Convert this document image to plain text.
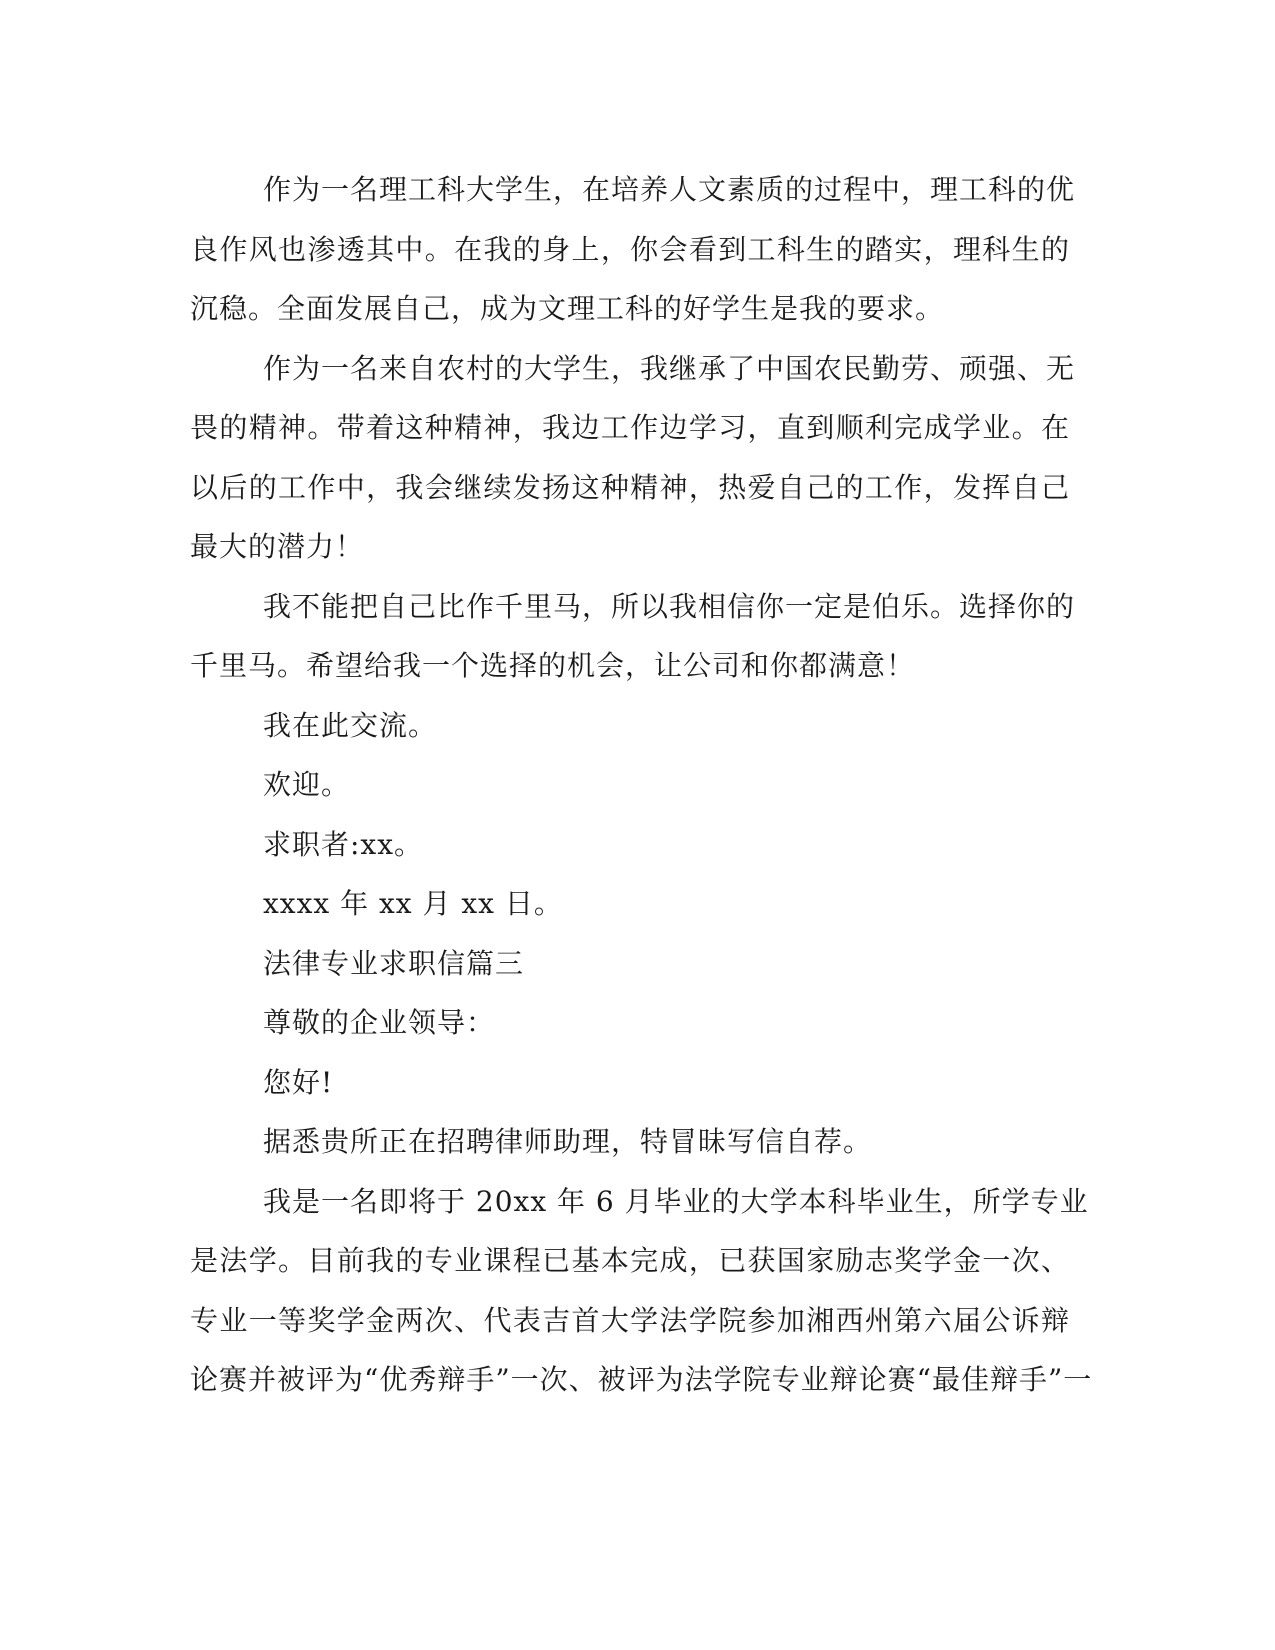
作为一名理工科大学生，在培养人文素质的过程中，理工科的优
良作风也渗透其中。在我的身上，你会看到工科生的踏实，理科生的
沉稳。全面发展自己，成为文理工科的好学生是我的要求。
作为一名来自农村的大学生，我继承了中国农民勤劳、顽强、无
畏的精神。带着这种精神，我边工作边学习，直到顺利完成学业。在
以后的工作中，我会继续发扬这种精神，热爱自己的工作，发挥自己
最大的潜力！
我不能把自己比作千里马，所以我相信你一定是伯乐。选择你的
千里马。希望给我一个选择的机会，让公司和你都满意！
我在此交流。
欢迎。
求职者:xx。
xxxx 年 xx 月 xx 日。
法律专业求职信篇三
尊敬的企业领导：
您好!
据悉贵所正在招聘律师助理，特冒昧写信自荐。
我是一名即将于 20xx 年 6 月毕业的大学本科毕业生，所学专业
是法学。目前我的专业课程已基本完成，已获国家励志奖学金一次、
专业一等奖学金两次、代表吉首大学法学院参加湘西州第六届公诉辩
论赛并被评为“优秀辩手”一次、被评为法学院专业辩论赛“最佳辩手”一
